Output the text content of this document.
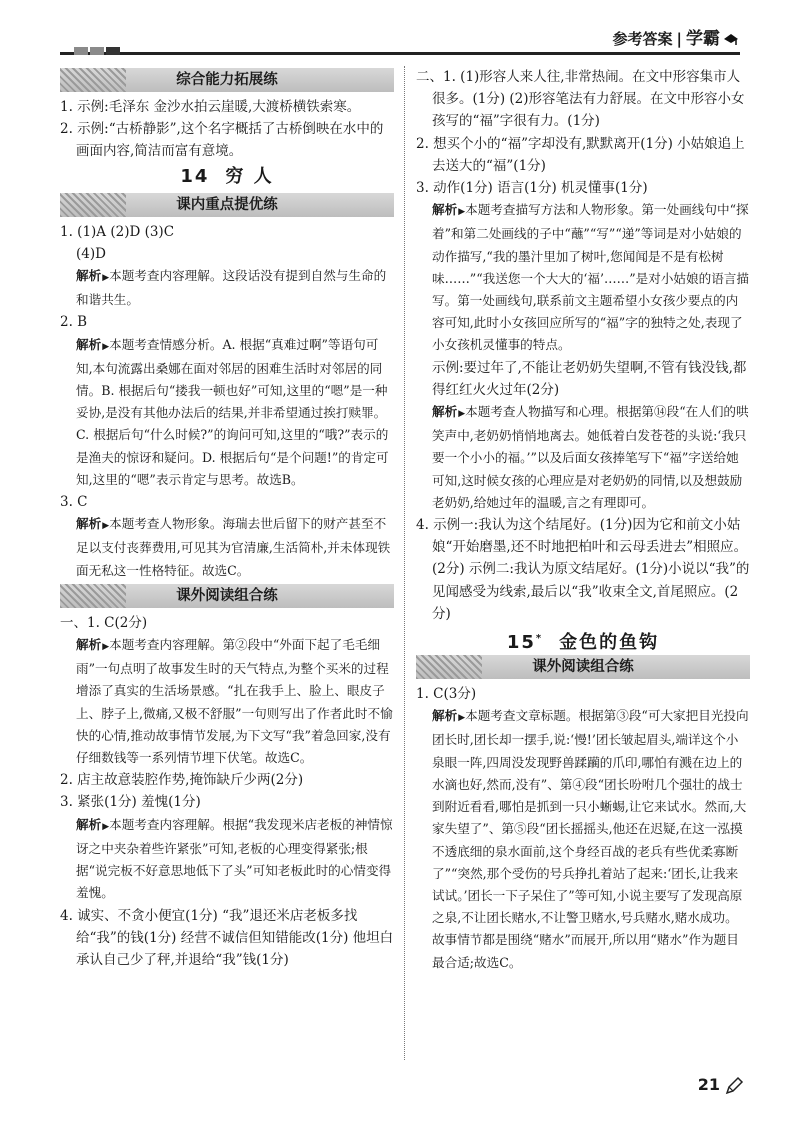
参考答案 | 学霸
综合能力拓展练
1. 示例:毛泽东 金沙水拍云崖暖,大渡桥横铁索寒。
2. 示例:“古桥静影”,这个名字概括了古桥倒映在水中的画面内容,简洁而富有意境。
14 穷 人
课内重点提优练
1. (1)A (2)D (3)C
(4)D
解析 ▶ 本题考查内容理解。这段话没有提到自然与生命的和谐共生。
2. B
解析 ▶ 本题考查情感分析。A. 根据“真难过啊”等语句可知,本句流露出桑娜在面对邻居的困难生活时对邻居的同情。B. 根据后句“搂我一顿也好”可知,这里的“嗯”是一种妥协,是没有其他办法后的结果,并非希望通过挨打赎罪。C. 根据后句“什么时候?”的询问可知,这里的“哦?”表示的是渔夫的惊讶和疑问。D. 根据后句“是个问题!”的肯定可知,这里的“嗯”表示肯定与思考。故选B。
3. C
解析 ▶ 本题考查人物形象。海瑞去世后留下的财产甚至不足以支付丧葬费用,可见其为官清廉,生活简朴,并未体现铁面无私这一性格特征。故选C。
课外阅读组合练
一、1. C(2分)
解析 ▶ 本题考查内容理解。第②段中“外面下起了毛毛细雨”一句点明了故事发生时的天气特点,为整个买米的过程增添了真实的生活场景感。“扎在我手上、脸上、眼皮子上、脖子上,微痛,又极不舒服”一句则写出了作者此时不愉快的心情,推动故事情节发展,为下文写“我”着急回家,没有仔细数钱等一系列情节埋下伏笔。故选C。
2. 店主故意装腔作势,掩饰缺斤少两(2分)
3. 紧张(1分) 羞愧(1分)
解析 ▶ 本题考查内容理解。根据“我发现米店老板的神情惊讶之中夹杂着些许紧张”可知,老板的心理变得紧张;根据“说完板不好意思地低下了头”可知老板此时的心情变得羞愧。
4. 诚实、不贪小便宜(1分) “我”退还米店老板多找给“我”的钱(1分) 经营不诚信但知错能改(1分) 他坦白承认自己少了秤,并退给“我”钱(1分)
二、1. (1)形容人来人往,非常热闹。在文中形容集市人很多。(1分) (2)形容笔法有力舒展。在文中形容小女孩写的“福”字很有力。(1分)
2. 想买个小的“福”字却没有,默默离开(1分) 小姑娘追上去送大的“福”(1分)
3. 动作(1分) 语言(1分) 机灵懂事(1分)
解析 ▶ 本题考查描写方法和人物形象。第一处画线句中“探着”和第二处画线的子中“蘸”“写”“递”等词是对小姑娘的动作描写,“我的墨汁里加了树叶,您闻闻是不是有松树味……”“我送您一个大大的‘福’……”是对小姑娘的语言描写。第一处画线句,联系前文主题希望小女孩少要点的内容可知,此时小女孩回应所写的“福”字的独特之处,表现了小女孩机灵懂事的特点。
示例:要过年了,不能让老奶奶失望啊,不管有钱没钱,都得红红火火过年(2分)
解析 ▶ 本题考查人物描写和心理。根据第⑭段“在人们的哄笑声中,老奶奶悄悄地离去。她低着白发苍苍的头说:‘我只要一个小小的福。’”以及后面女孩捧笔写下“福”字送给她可知,这时候女孩的心理应是对老奶奶的同情,以及想鼓励老奶奶,给她过年的温暖,言之有理即可。
4. 示例一:我认为这个结尾好。(1分)因为它和前文小姑娘“开始磨墨,还不时地把柏叶和云母丢进去”相照应。(2分) 示例二:我认为原文结尾好。(1分)小说以“我”的见闻感受为线索,最后以“我”收束全文,首尾照应。(2分)
15* 金色的鱼钩
课外阅读组合练
1. C(3分)
解析 ▶ 本题考查文章标题。根据第③段“可大家把目光投向团长时,团长却一摆手,说:‘慢!’团长皱起眉头,端详这个小泉眼一阵,四周没发现野兽蹂躏的爪印,哪怕有溅在边上的水滴也好,然而,没有”、第④段“团长吩咐几个强壮的战士到附近看看,哪怕是抓到一只小蜥蜴,让它来试水。然而,大家失望了”、第⑤段“团长摇摇头,他还在迟疑,在这一泓摸不透底细的泉水面前,这个身经百战的老兵有些优柔寡断了”“突然,那个受伤的号兵挣扎着站了起来:‘团长,让我来试试。’团长一下子呆住了”等可知,小说主要写了发现高原之泉,不让团长赌水,不让警卫赌水,号兵赌水,赌水成功。故事情节都是围绕“赌水”而展开,所以用“赌水”作为题目最合适;故选C。
21
